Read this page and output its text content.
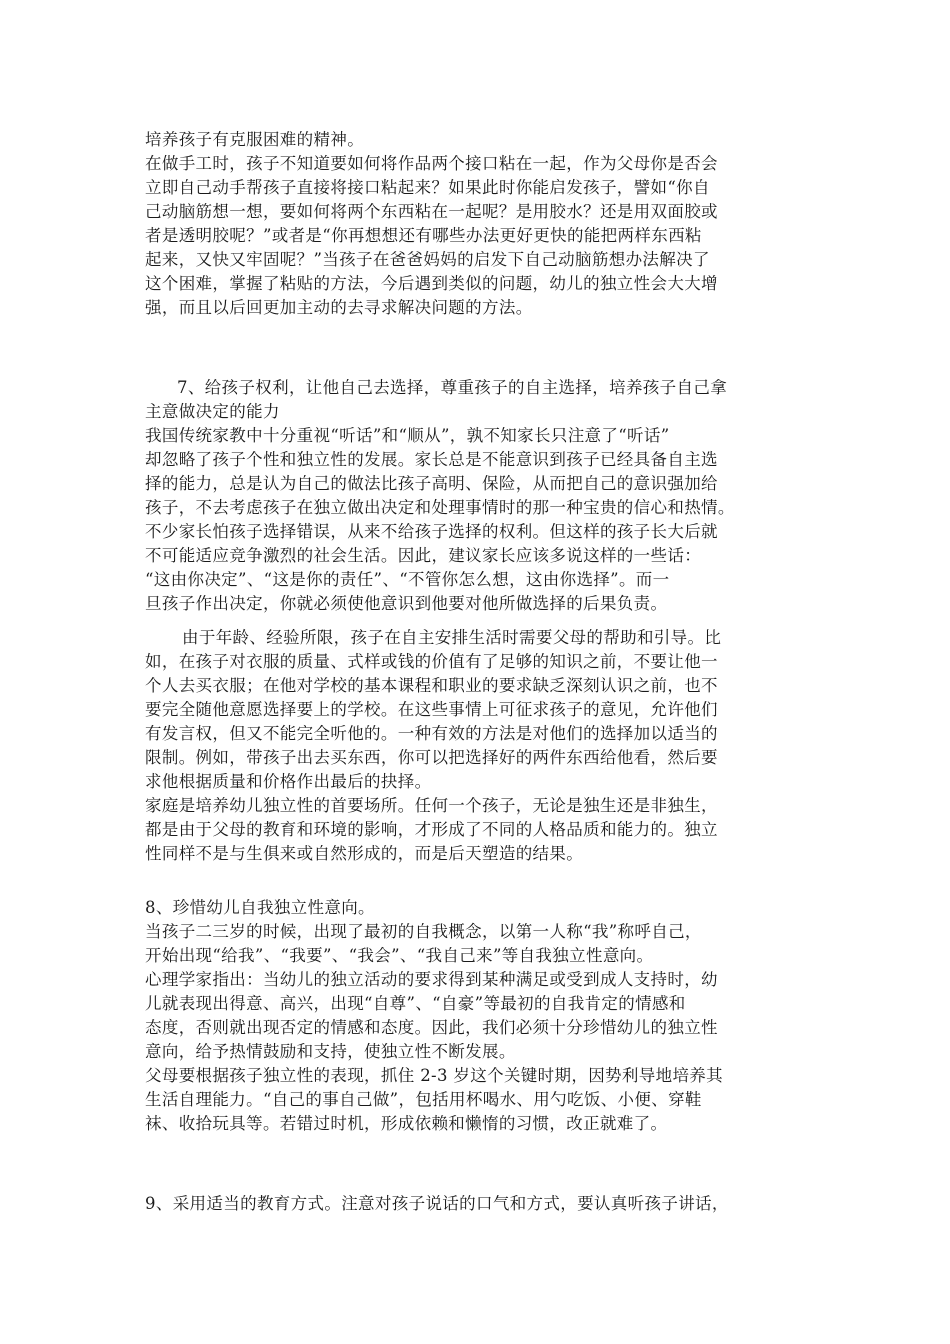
培养孩子有克服困难的精神。
在做手工时，孩子不知道要如何将作品两个接口粘在一起，作为父母你是否会
立即自己动手帮孩子直接将接口粘起来？如果此时你能启发孩子，譬如“你自
己动脑筋想一想，要如何将两个东西粘在一起呢？是用胶水？还是用双面胶或
者是透明胶呢？”或者是“你再想想还有哪些办法更好更快的能把两样东西粘
起来，又快又牢固呢？”当孩子在爸爸妈妈的启发下自己动脑筋想办法解决了
这个困难，掌握了粘贴的方法，今后遇到类似的问题，幼儿的独立性会大大增
强，而且以后回更加主动的去寻求解决问题的方法。
7、给孩子权利，让他自己去选择，尊重孩子的自主选择，培养孩子自己拿
主意做决定的能力
我国传统家教中十分重视“听话”和“顺从”，孰不知家长只注意了“听话”
却忽略了孩子个性和独立性的发展。家长总是不能意识到孩子已经具备自主选
择的能力，总是认为自己的做法比孩子高明、保险，从而把自己的意识强加给
孩子，不去考虑孩子在独立做出决定和处理事情时的那一种宝贵的信心和热情。
不少家长怕孩子选择错误，从来不给孩子选择的权利。但这样的孩子长大后就
不可能适应竞争激烈的社会生活。因此，建议家长应该多说这样的一些话：
“这由你决定”、“这是你的责任”、“不管你怎么想，这由你选择”。而一
旦孩子作出决定，你就必须使他意识到他要对他所做选择的后果负责。
由于年龄、经验所限，孩子在自主安排生活时需要父母的帮助和引导。比
如，在孩子对衣服的质量、式样或钱的价值有了足够的知识之前，不要让他一
个人去买衣服；在他对学校的基本课程和职业的要求缺乏深刻认识之前，也不
要完全随他意愿选择要上的学校。在这些事情上可征求孩子的意见，允许他们
有发言权，但又不能完全听他的。一种有效的方法是对他们的选择加以适当的
限制。例如，带孩子出去买东西，你可以把选择好的两件东西给他看，然后要
求他根据质量和价格作出最后的抉择。
家庭是培养幼儿独立性的首要场所。任何一个孩子，无论是独生还是非独生，
都是由于父母的教育和环境的影响，才形成了不同的人格品质和能力的。独立
性同样不是与生俱来或自然形成的，而是后天塑造的结果。
8、珍惜幼儿自我独立性意向。
当孩子二三岁的时候，出现了最初的自我概念，以第一人称“我”称呼自己，
开始出现“给我”、“我要”、“我会”、“我自己来”等自我独立性意向。
心理学家指出：当幼儿的独立活动的要求得到某种满足或受到成人支持时，幼
儿就表现出得意、高兴，出现“自尊”、“自豪”等最初的自我肯定的情感和
态度，否则就出现否定的情感和态度。因此，我们必须十分珍惜幼儿的独立性
意向，给予热情鼓励和支持，使独立性不断发展。
父母要根据孩子独立性的表现，抓住 2-3 岁这个关键时期，因势利导地培养其
生活自理能力。“自己的事自己做”，包括用杯喝水、用勺吃饭、小便、穿鞋
袜、收拾玩具等。若错过时机，形成依赖和懒惰的习惯，改正就难了。
9、采用适当的教育方式。注意对孩子说话的口气和方式，要认真听孩子讲话，
